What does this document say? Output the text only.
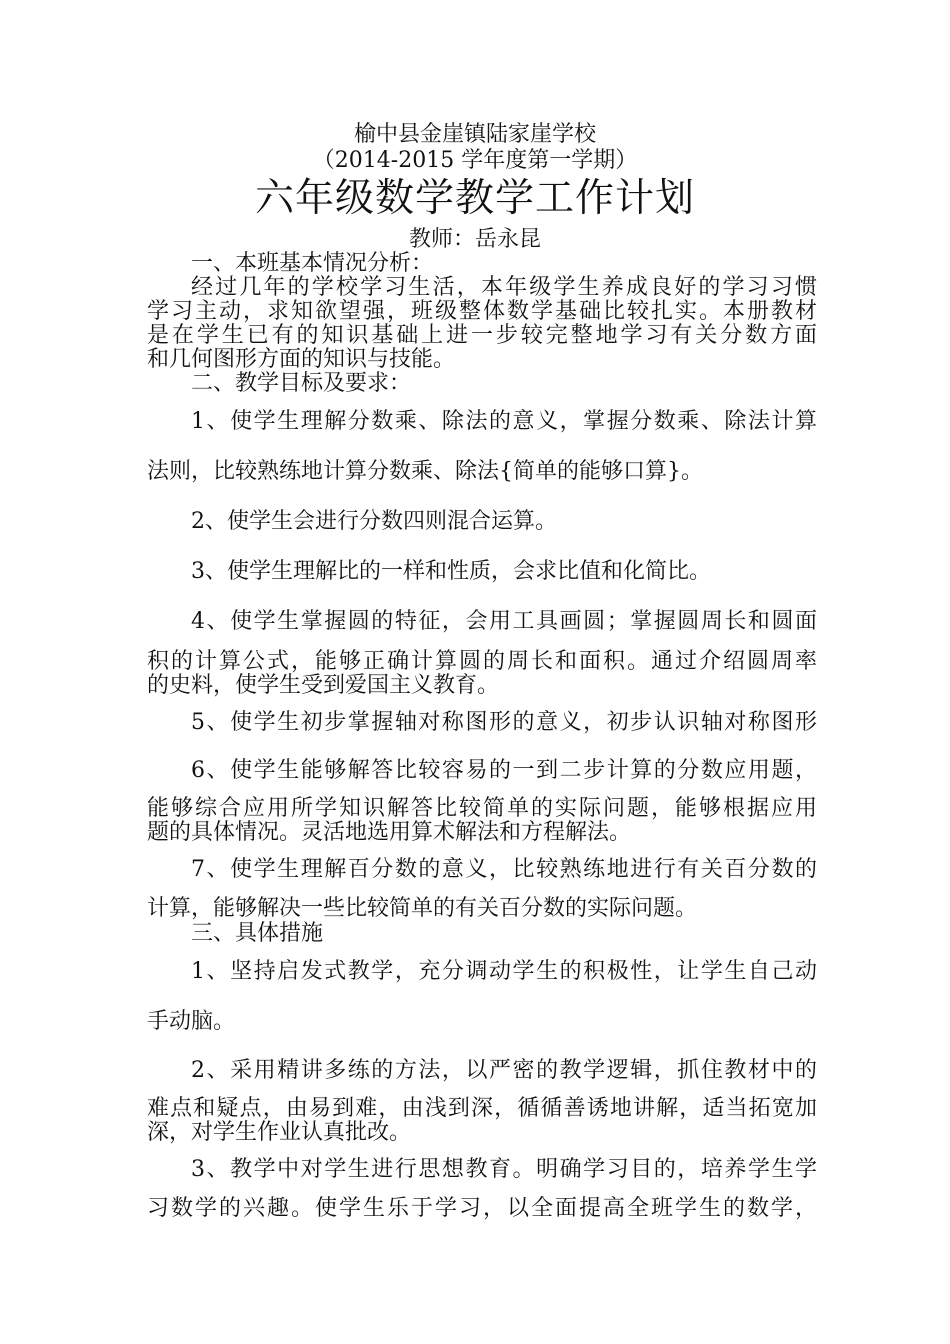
榆中县金崖镇陆家崖学校
（2014-2015 学年度第一学期）
六年级数学教学工作计划
教师：岳永昆
一、本班基本情况分析：
经过几年的学校学习生活，本年级学生养成良好的学习习惯
学习主动，求知欲望强，班级整体数学基础比较扎实。本册教材
是在学生已有的知识基础上进一步较完整地学习有关分数方面
和几何图形方面的知识与技能。
二、教学目标及要求：
1、使学生理解分数乘、除法的意义，掌握分数乘、除法计算
法则，比较熟练地计算分数乘、除法{简单的能够口算}。
2、使学生会进行分数四则混合运算。
3、使学生理解比的一样和性质，会求比值和化简比。
4、使学生掌握圆的特征，会用工具画圆；掌握圆周长和圆面
积的计算公式，能够正确计算圆的周长和面积。通过介绍圆周率
的史料，使学生受到爱国主义教育。
5、使学生初步掌握轴对称图形的意义，初步认识轴对称图形
6、使学生能够解答比较容易的一到二步计算的分数应用题，
能够综合应用所学知识解答比较简单的实际问题，能够根据应用
题的具体情况。灵活地选用算术解法和方程解法。
7、使学生理解百分数的意义，比较熟练地进行有关百分数的
计算，能够解决一些比较简单的有关百分数的实际问题。
三、具体措施
1、坚持启发式教学，充分调动学生的积极性，让学生自己动
手动脑。
2、采用精讲多练的方法，以严密的教学逻辑，抓住教材中的
难点和疑点，由易到难，由浅到深，循循善诱地讲解，适当拓宽加
深，对学生作业认真批改。
3、教学中对学生进行思想教育。明确学习目的，培养学生学
习数学的兴趣。使学生乐于学习，以全面提高全班学生的数学，
